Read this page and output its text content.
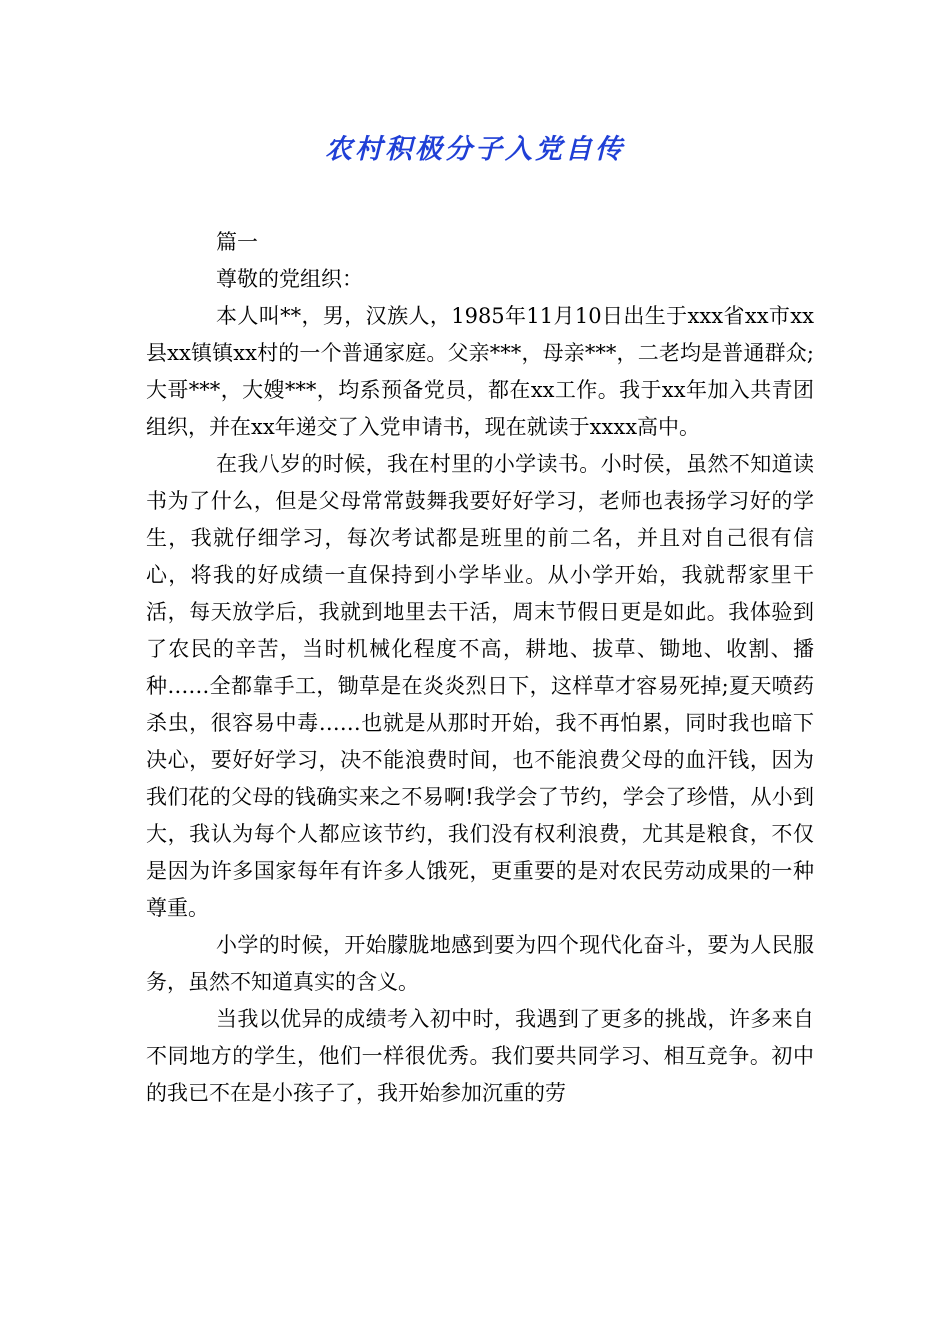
农村积极分子入党自传

篇一

尊敬的党组织：

本人叫**，男，汉族人，1985年11月10日出生于xxx省xx市xx县xx镇镇xx村的一个普通家庭。父亲***，母亲***，二老均是普通群众;大哥***，大嫂***，均系预备党员，都在xx工作。我于xx年加入共青团组织，并在xx年递交了入党申请书，现在就读于xxxx高中。

在我八岁的时候，我在村里的小学读书。小时侯，虽然不知道读书为了什么，但是父母常常鼓舞我要好好学习，老师也表扬学习好的学生，我就仔细学习，每次考试都是班里的前二名，并且对自己很有信心，将我的好成绩一直保持到小学毕业。从小学开始，我就帮家里干活，每天放学后，我就到地里去干活，周末节假日更是如此。我体验到了农民的辛苦，当时机械化程度不高，耕地、拔草、锄地、收割、播种……全都靠手工，锄草是在炎炎烈日下，这样草才容易死掉;夏天喷药杀虫，很容易中毒……也就是从那时开始，我不再怕累，同时我也暗下决心，要好好学习，决不能浪费时间，也不能浪费父母的血汗钱，因为我们花的父母的钱确实来之不易啊!我学会了节约，学会了珍惜，从小到大，我认为每个人都应该节约，我们没有权利浪费，尤其是粮食，不仅是因为许多国家每年有许多人饿死，更重要的是对农民劳动成果的一种尊重。

小学的时候，开始朦胧地感到要为四个现代化奋斗，要为人民服务，虽然不知道真实的含义。

当我以优异的成绩考入初中时，我遇到了更多的挑战，许多来自不同地方的学生，他们一样很优秀。我们要共同学习、相互竞争。初中的我已不在是小孩子了，我开始参加沉重的劳
